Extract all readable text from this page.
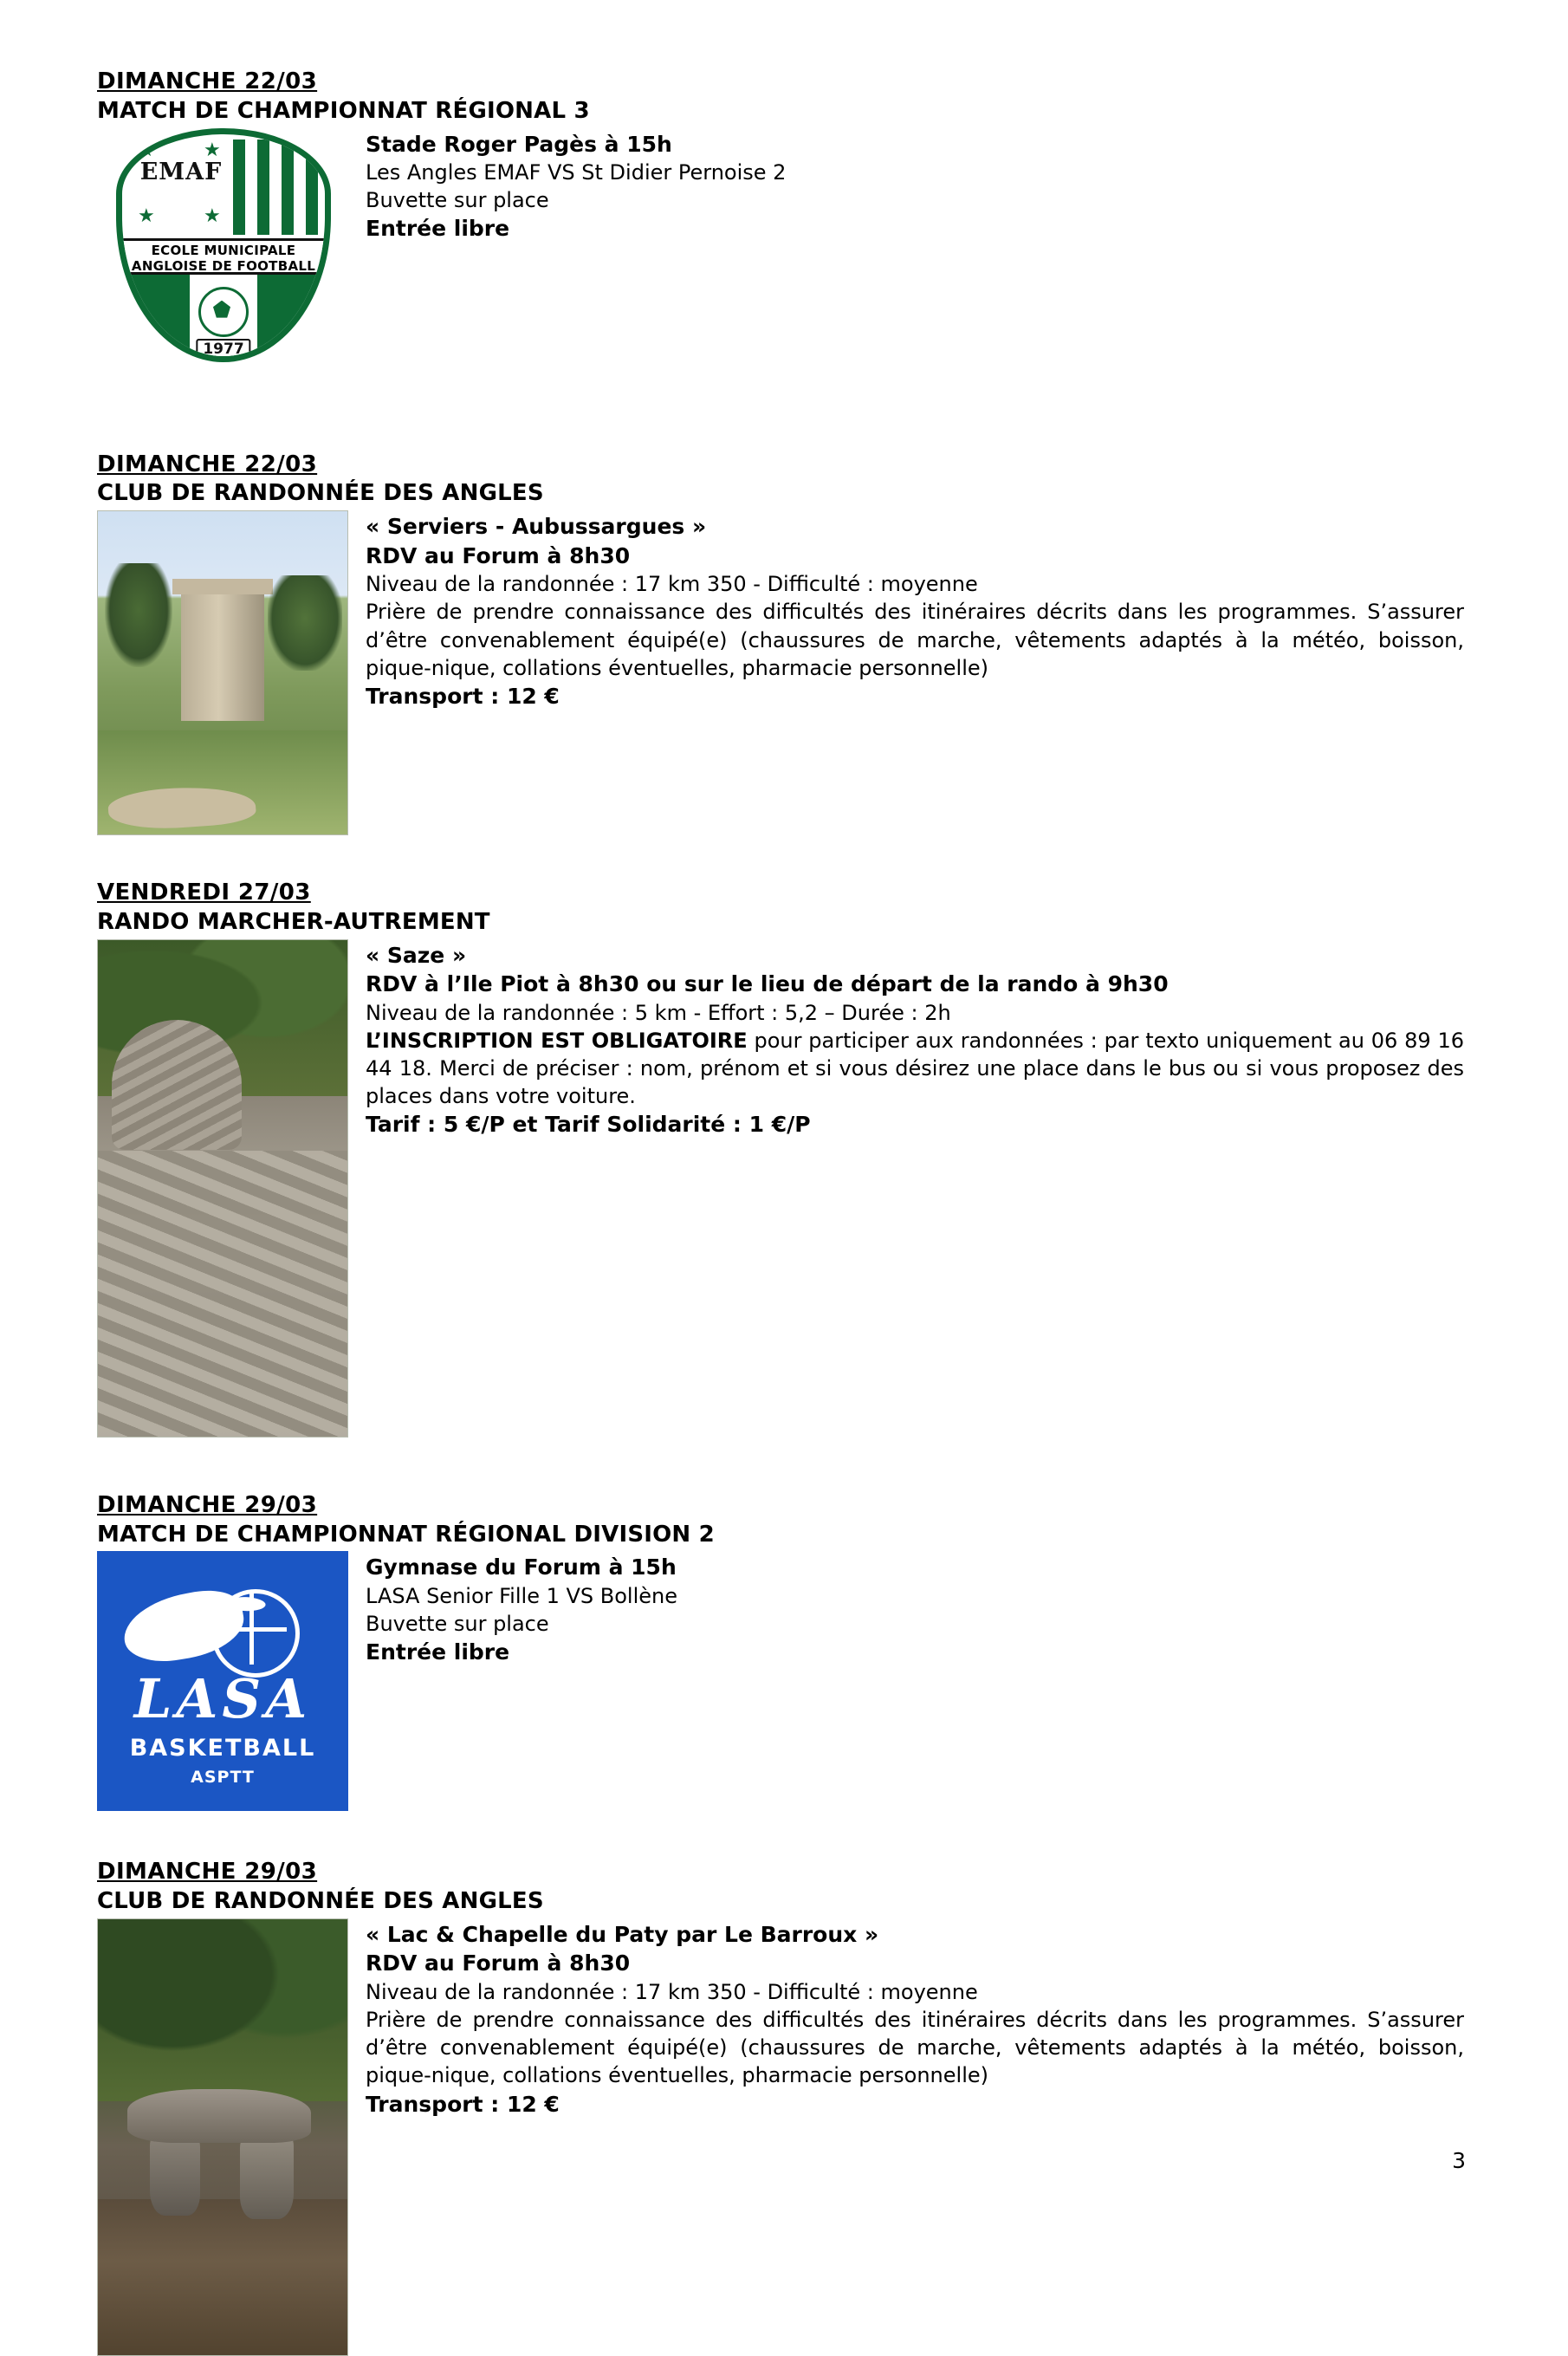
DIMANCHE 22/03
MATCH DE CHAMPIONNAT RÉGIONAL 3
EMAF
★	★
★	★
ECOLE MUNICIPALE
ANGLOISE DE FOOTBALL
1977
Stade Roger Pagès à 15h
Les Angles EMAF VS St Didier Pernoise 2
Buvette sur place
Entrée libre
DIMANCHE 22/03
CLUB DE RANDONNÉE DES ANGLES
« Serviers - Aubussargues »
RDV au Forum à 8h30
Niveau de la randonnée : 17 km 350 - Difficulté : moyenne
Prière de prendre connaissance des difficultés des itinéraires décrits dans les programmes. S’assurer d’être convenablement équipé(e) (chaussures de marche, vêtements adaptés à la météo, boisson, pique-nique, collations éventuelles, pharmacie personnelle)
Transport : 12 €
VENDREDI 27/03
RANDO MARCHER-AUTREMENT
« Saze »
RDV à l’Ile Piot à 8h30 ou sur le lieu de départ de la rando à 9h30
Niveau de la randonnée : 5 km - Effort : 5,2 – Durée : 2h
L’INSCRIPTION EST OBLIGATOIRE pour participer aux randonnées : par texto uniquement au 06 89 16 44 18. Merci de préciser : nom, prénom et si vous désirez une place dans le bus ou si vous proposez des places dans votre voiture.
Tarif : 5 €/P et Tarif Solidarité : 1 €/P
DIMANCHE 29/03
MATCH DE CHAMPIONNAT RÉGIONAL DIVISION 2
1955
LASA
BASKETBALL
ASPTT
Gymnase du Forum à 15h
LASA Senior Fille 1 VS Bollène
Buvette sur place
Entrée libre
DIMANCHE 29/03
CLUB DE RANDONNÉE DES ANGLES
« Lac & Chapelle du Paty par Le Barroux »
RDV au Forum à 8h30
Niveau de la randonnée : 17 km 350 - Difficulté : moyenne
Prière de prendre connaissance des difficultés des itinéraires décrits dans les programmes. S’assurer d’être convenablement équipé(e) (chaussures de marche, vêtements adaptés à la météo, boisson, pique-nique, collations éventuelles, pharmacie personnelle)
Transport : 12 €
3
